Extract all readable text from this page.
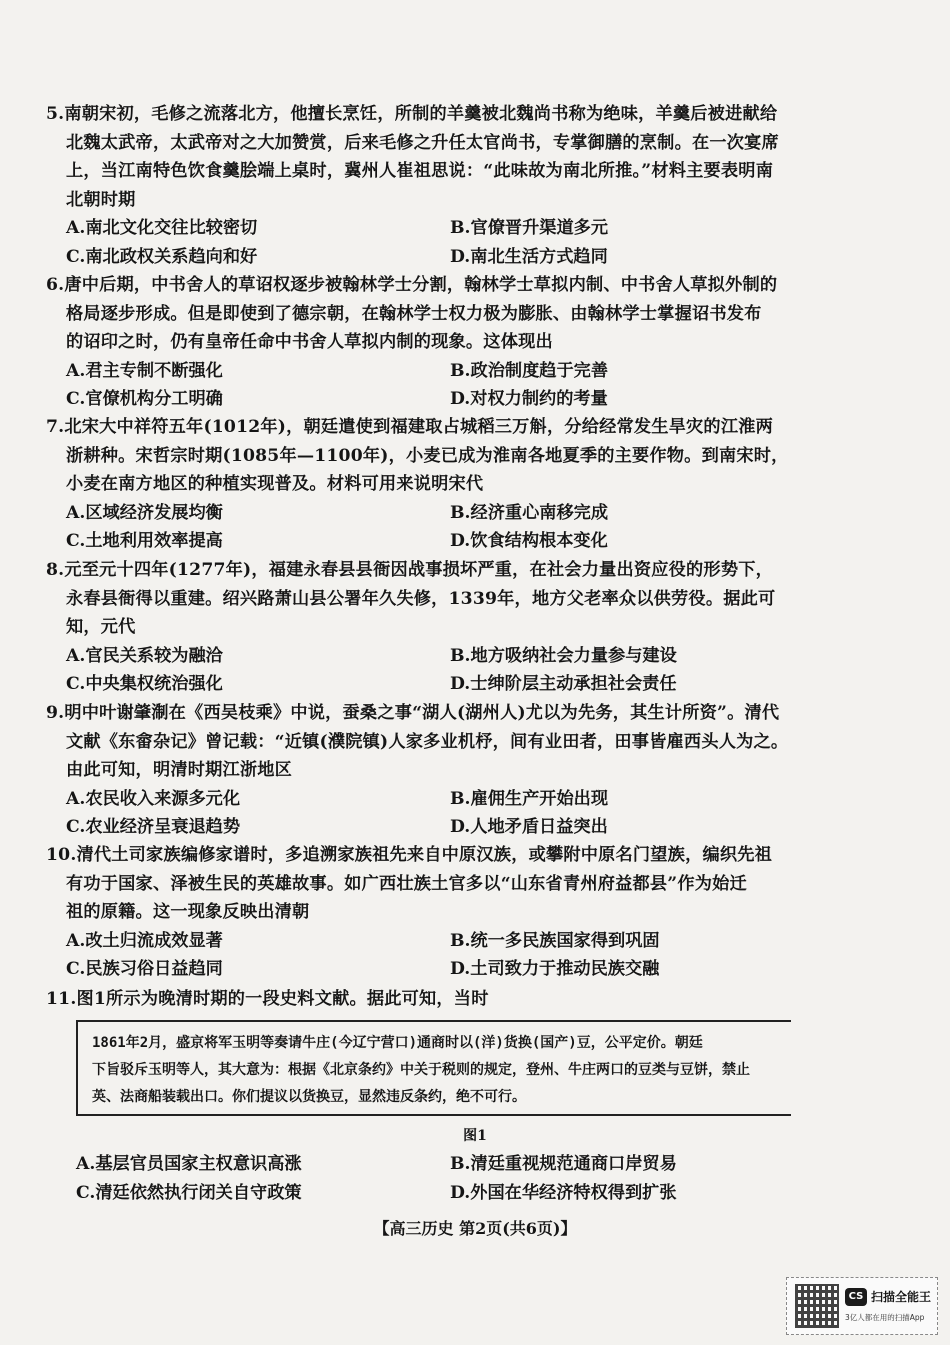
5.南朝宋初，毛修之流落北方，他擅长烹饪，所制的羊羹被北魏尚书称为绝味，羊羹后被进献给
北魏太武帝，太武帝对之大加赞赏，后来毛修之升任太官尚书，专掌御膳的烹制。在一次宴席
上，当江南特色饮食羹脍端上桌时，冀州人崔祖思说：“此味故为南北所推。”材料主要表明南
北朝时期
A.南北文化交往比较密切	B.官僚晋升渠道多元
C.南北政权关系趋向和好	D.南北生活方式趋同
6.唐中后期，中书舍人的草诏权逐步被翰林学士分割，翰林学士草拟内制、中书舍人草拟外制的
格局逐步形成。但是即使到了德宗朝，在翰林学士权力极为膨胀、由翰林学士掌握诏书发布
的诏印之时，仍有皇帝任命中书舍人草拟内制的现象。这体现出
A.君主专制不断强化	B.政治制度趋于完善
C.官僚机构分工明确	D.对权力制约的考量
7.北宋大中祥符五年(1012年)，朝廷遣使到福建取占城稻三万斛，分给经常发生旱灾的江淮两
浙耕种。宋哲宗时期(1085年—1100年)，小麦已成为淮南各地夏季的主要作物。到南宋时，
小麦在南方地区的种植实现普及。材料可用来说明宋代
A.区域经济发展均衡	B.经济重心南移完成
C.土地利用效率提高	D.饮食结构根本变化
8.元至元十四年(1277年)，福建永春县县衙因战事损坏严重，在社会力量出资应役的形势下，
永春县衙得以重建。绍兴路萧山县公署年久失修，1339年，地方父老率众以供劳役。据此可
知，元代
A.官民关系较为融洽	B.地方吸纳社会力量参与建设
C.中央集权统治强化	D.士绅阶层主动承担社会责任
9.明中叶谢肇淛在《西吴枝乘》中说，蚕桑之事“湖人(湖州人)尤以为先务，其生计所资”。清代
文献《东畲杂记》曾记载：“近镇(濮院镇)人家多业机杼，间有业田者，田事皆雇西头人为之。
由此可知，明清时期江浙地区
A.农民收入来源多元化	B.雇佣生产开始出现
C.农业经济呈衰退趋势	D.人地矛盾日益突出
10.清代土司家族编修家谱时，多追溯家族祖先来自中原汉族，或攀附中原名门望族，编织先祖
有功于国家、泽被生民的英雄故事。如广西壮族土官多以“山东省青州府益都县”作为始迁
祖的原籍。这一现象反映出清朝
A.改土归流成效显著	B.统一多民族国家得到巩固
C.民族习俗日益趋同	D.土司致力于推动民族交融
11.图1所示为晚清时期的一段史料文献。据此可知，当时
1861年2月，盛京将军玉明等奏请牛庄(今辽宁营口)通商时以(洋)货换(国产)豆，公平定价。朝廷
下旨驳斥玉明等人，其大意为：根据《北京条约》中关于税则的规定，登州、牛庄两口的豆类与豆饼，禁止
英、法商船装载出口。你们提议以货换豆，显然违反条约，绝不可行。
图1
A.基层官员国家主权意识高涨	B.清廷重视规范通商口岸贸易
C.清廷依然执行闭关自守政策	D.外国在华经济特权得到扩张
【高三历史 第2页(共6页)】
CS 扫描全能王
3亿人都在用的扫描App
